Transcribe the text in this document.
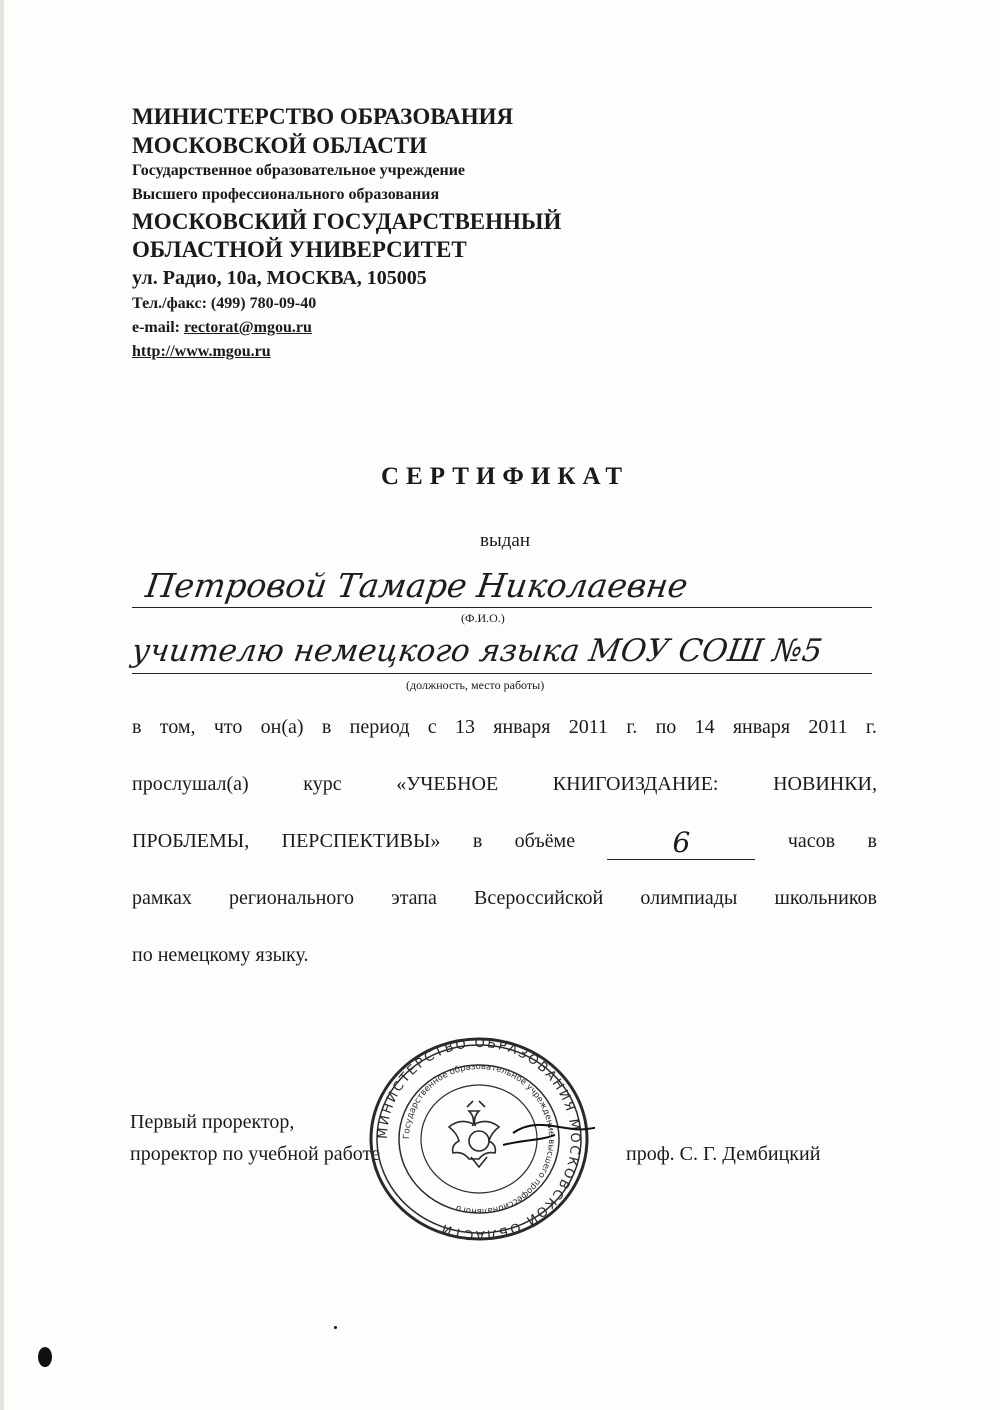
МИНИСТЕРСТВО ОБРАЗОВАНИЯ
МОСКОВСКОЙ ОБЛАСТИ
Государственное образовательное учреждение
Высшего профессионального образования
МОСКОВСКИЙ ГОСУДАРСТВЕННЫЙ
ОБЛАСТНОЙ УНИВЕРСИТЕТ
ул. Радио, 10а, МОСКВА, 105005
Тел./факс: (499) 780-09-40
e-mail: rectorat@mgou.ru
http://www.mgou.ru
СЕРТИФИКАТ
выдан
Петровой Тамаре Николаевне
(Ф.И.О.)
учителю немецкого языка МОУ СОШ №5
(должность, место работы)
в том, что он(а) в период с 13 января 2011 г. по 14 января 2011 г.
прослушал(а)	курс	«УЧЕБНОЕ	КНИГОИЗДАНИЕ:	НОВИНКИ,
ПРОБЛЕМЫ, ПЕРСПЕКТИВЫ» в объёме	6	часов в
рамках регионального этапа Всероссийской олимпиады школьников
по немецкому языку.
Первый проректор,
проректор по учебной работе	проф. С. Г. Дембицкий
МИНИСТЕРСТВО ОБРАЗОВАНИЯ МОСКОВСКОЙ ОБЛАСТИ
Государственное образовательное учреждение высшего профессионального
